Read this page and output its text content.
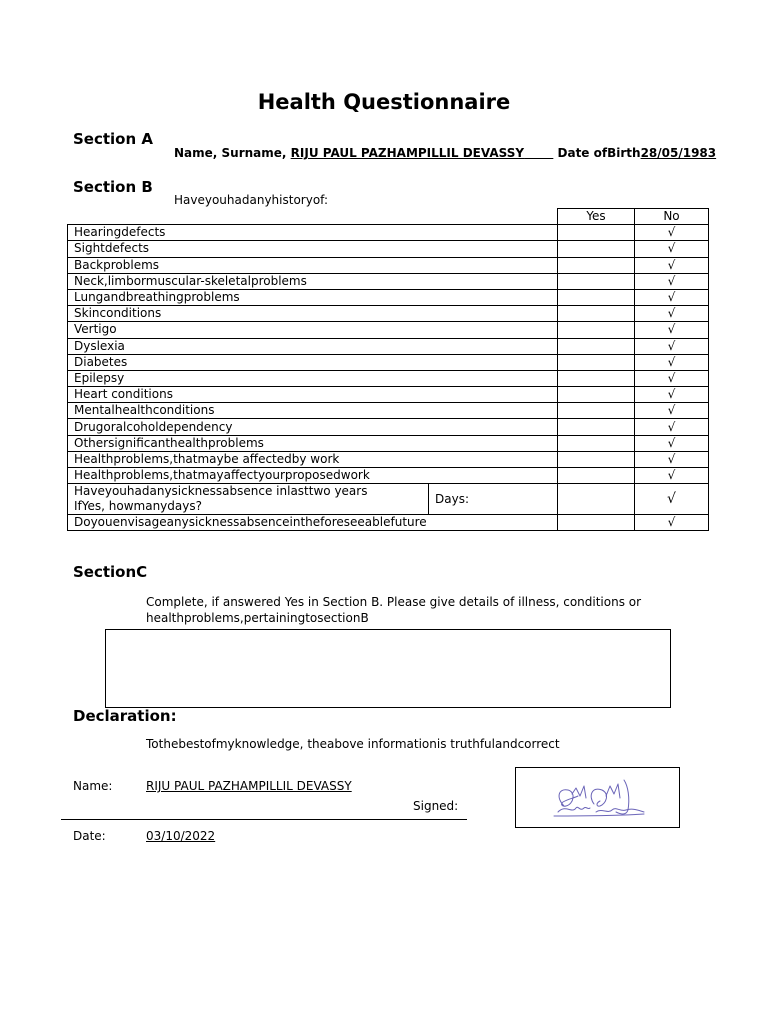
Health Questionnaire
Section A
Name, Surname, RIJU PAUL PAZHAMPILLIL DEVASSY	Date ofBirth28/05/1983
Section B
Haveyouhadanyhistoryof:
		Yes	No
Hearingdefects			√
Sightdefects			√
Backproblems			√
Neck,limbormuscular-skeletalproblems			√
Lungandbreathingproblems			√
Skinconditions			√
Vertigo			√
Dyslexia			√
Diabetes			√
Epilepsy			√
Heart conditions			√
Mentalhealthconditions			√
Drugoralcoholdependency			√
Othersignificanthealthproblems			√
Healthproblems,thatmaybe affectedby work			√
Healthproblems,thatmayaffectyourproposedwork			√

Haveyouhadanysicknessabsence inlasttwo years
IfYes, howmanydays?	Days:		√
Doyouenvisageanysicknessabsenceintheforeseeablefuture			√
SectionC
Complete, if answered Yes in Section B. Please give details of illness, conditions or
healthproblems,pertainingtosectionB
Declaration:
Tothebestofmyknowledge, theabove informationis truthfulandcorrect
Name:	RIJU PAUL PAZHAMPILLIL DEVASSY
Signed:
Date:	03/10/2022
